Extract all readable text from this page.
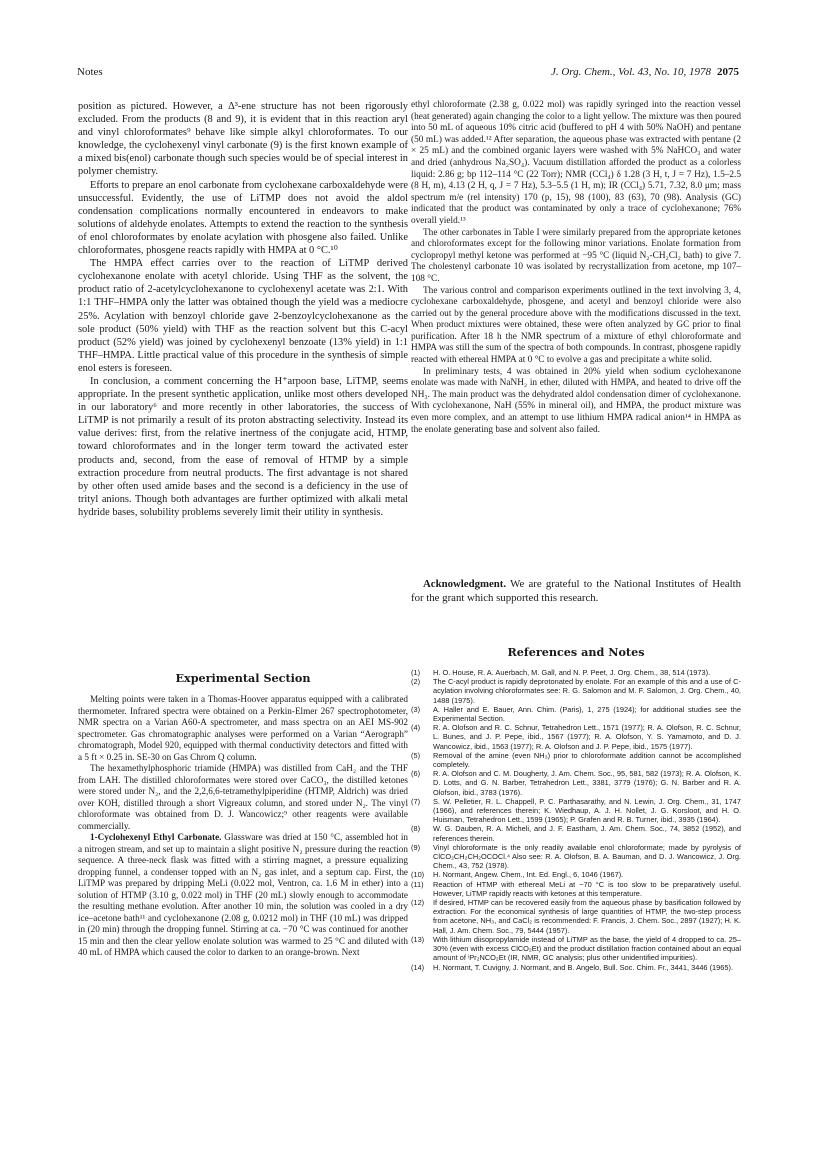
Notes	J. Org. Chem., Vol. 43, No. 10, 1978 2075

position as pictured. However, a Δ³-ene structure has not been rigorously excluded. From the products (8 and 9), it is evident that in this reaction aryl and vinyl chloroformates⁹ behave like simple alkyl chloroformates. To our knowledge, the cyclohexenyl vinyl carbonate (9) is the first known example of a mixed bis(enol) carbonate though such species would be of special interest in polymer chemistry.

Efforts to prepare an enol carbonate from cyclohexane carboxaldehyde were unsuccessful. Evidently, the use of LiTMP does not avoid the aldol condensation complications normally encountered in endeavors to make solutions of aldehyde enolates. Attempts to extend the reaction to the synthesis of enol chloroformates by enolate acylation with phosgene also failed. Unlike chloroformates, phosgene reacts rapidly with HMPA at 0 °C.¹⁰

The HMPA effect carries over to the reaction of LiTMP derived cyclohexanone enolate with acetyl chloride. Using THF as the solvent, the product ratio of 2-acetylcyclohexanone to cyclohexenyl acetate was 2:1. With 1:1 THF–HMPA only the latter was obtained though the yield was a mediocre 25%. Acylation with benzoyl chloride gave 2-benzoylcyclohexanone as the sole product (50% yield) with THF as the reaction solvent but this C-acyl product (52% yield) was joined by cyclohexenyl benzoate (13% yield) in 1:1 THF–HMPA. Little practical value of this procedure in the synthesis of simple enol esters is foreseen.

In conclusion, a comment concerning the H⁺arpoon base, LiTMP, seems appropriate. In the present synthetic application, unlike most others developed in our laboratory⁶ and more recently in other laboratories, the success of LiTMP is not primarily a result of its proton abstracting selectivity. Instead its value derives: first, from the relative inertness of the conjugate acid, HTMP, toward chloroformates and in the longer term toward the activated ester products and, second, from the ease of removal of HTMP by a simple extraction procedure from neutral products. The first advantage is not shared by other often used amide bases and the second is a deficiency in the use of trityl anions. Though both advantages are further optimized with alkali metal hydride bases, solubility problems severely limit their utility in synthesis.

Experimental Section

Melting points were taken in a Thomas-Hoover apparatus equipped with a calibrated thermometer. Infrared spectra were obtained on a Perkin-Elmer 267 spectrophotometer, NMR spectra on a Varian A60-A spectrometer, and mass spectra on an AEI MS-902 spectrometer. Gas chromatographic analyses were performed on a Varian “Aerograph” chromatograph, Model 920, equipped with thermal conductivity detectors and fitted with a 5 ft × 0.25 in. SE-30 on Gas Chrom Q column.

The hexamethylphosphoric triamide (HMPA) was distilled from CaH₂ and the THF from LAH. The distilled chloroformates were stored over CaCO₃, the distilled ketones were stored under N₂, and the 2,2,6,6-tetramethylpiperidine (HTMP, Aldrich) was dried over KOH, distilled through a short Vigreaux column, and stored under N₂. The vinyl chloroformate was obtained from D. J. Wancowicz;⁹ other reagents were available commercially.

1-Cyclohexenyl Ethyl Carbonate. Glassware was dried at 150 °C, assembled hot in a nitrogen stream, and set up to maintain a slight positive N₂ pressure during the reaction sequence. A three-neck flask was fitted with a stirring magnet, a pressure equalizing dropping funnel, a condenser topped with an N₂ gas inlet, and a septum cap. First, the LiTMP was prepared by dripping MeLi (0.022 mol, Ventron, ca. 1.6 M in ether) into a solution of HTMP (3.10 g, 0.022 mol) in THF (20 mL) slowly enough to accommodate the resulting methane evolution. After another 10 min, the solution was cooled in a dry ice–acetone bath¹¹ and cyclohexanone (2.08 g, 0.0212 mol) in THF (10 mL) was dripped in (20 min) through the dropping funnel. Stirring at ca. −70 °C was continued for another 15 min and then the clear yellow enolate solution was warmed to 25 °C and diluted with 40 mL of HMPA which caused the color to darken to an orange-brown. Next

ethyl chloroformate (2.38 g, 0.022 mol) was rapidly syringed into the reaction vessel (heat generated) again changing the color to a light yellow. The mixture was then poured into 50 mL of aqueous 10% citric acid (buffered to pH 4 with 50% NaOH) and pentane (50 mL) was added.¹² After separation, the aqueous phase was extracted with pentane (2 × 25 mL) and the combined organic layers were washed with 5% NaHCO₃ and water and dried (anhydrous Na₂SO₄). Vacuum distillation afforded the product as a colorless liquid: 2.86 g; bp 112–114 °C (22 Torr); NMR (CCl₄) δ 1.28 (3 H, t, J = 7 Hz), 1.5–2.5 (8 H, m), 4.13 (2 H, q, J = 7 Hz), 5.3–5.5 (1 H, m); IR (CCl₄) 5.71, 7.32, 8.0 μm; mass spectrum m/e (rel intensity) 170 (p, 15), 98 (100), 83 (63), 70 (98). Analysis (GC) indicated that the product was contaminated by only a trace of cyclohexanone; 76% overall yield.¹³

The other carbonates in Table I were similarly prepared from the appropriate ketones and chloroformates except for the following minor variations. Enolate formation from cyclopropyl methyl ketone was performed at −95 °C (liquid N₂-CH₂Cl₂ bath) to give 7. The cholestenyl carbonate 10 was isolated by recrystallization from acetone, mp 107–108 °C.

The various control and comparison experiments outlined in the text involving 3, 4, cyclohexane carboxaldehyde, phosgene, and acetyl and benzoyl chloride were also carried out by the general procedure above with the modifications discussed in the text. When product mixtures were obtained, these were often analyzed by GC prior to final purification. After 18 h the NMR spectrum of a mixture of ethyl chloroformate and HMPA was still the sum of the spectra of both compounds. In contrast, phosgene rapidly reacted with ethereal HMPA at 0 °C to evolve a gas and precipitate a white solid.

In preliminary tests, 4 was obtained in 20% yield when sodium cyclohexanone enolate was made with NaNH₂ in ether, diluted with HMPA, and heated to drive off the NH₃. The main product was the dehydrated aldol condensation dimer of cyclohexanone. With cyclohexanone, NaH (55% in mineral oil), and HMPA, the product mixture was even more complex, and an attempt to use lithium HMPA radical anion¹⁴ in HMPA as the enolate generating base and solvent also failed.

Acknowledgment. We are grateful to the National Institutes of Health for the grant which supported this research.

References and Notes

(1) H. O. House, R. A. Auerbach, M. Gall, and N. P. Peet, J. Org. Chem., 38, 514 (1973).
(2) The C-acyl product is rapidly deprotonated by enolate. For an example of this and a use of C-acylation involving chloroformates see: R. G. Salomon and M. F. Salomon, J. Org. Chem., 40, 1488 (1975).
(3) A. Haller and E. Bauer, Ann. Chim. (Paris), 1, 275 (1924); for additional studies see the Experimental Section.
(4) R. A. Olofson and R. C. Schnur, Tetrahedron Lett., 1571 (1977); R. A. Olofson, R. C. Schnur, L. Bunes, and J. P. Pepe, ibid., 1567 (1977); R. A. Olofson, Y. S. Yamamoto, and D. J. Wancowicz, ibid., 1563 (1977); R. A. Olofson and J. P. Pepe, ibid., 1575 (1977).
(5) Removal of the amine (even NH₃) prior to chloroformate addition cannot be accomplished completely.
(6) R. A. Olofson and C. M. Dougherty, J. Am. Chem. Soc., 95, 581, 582 (1973); R. A. Olofson, K. D. Lotts, and G. N. Barber, Tetrahedron Lett., 3381, 3779 (1976); G. N. Barber and R. A. Olofson, ibid., 3783 (1976).
(7) S. W. Pelletier, R. L. Chappell, P. C. Parthasarathy, and N. Lewin, J. Org. Chem., 31, 1747 (1966), and references therein; K. Wiedhaup, A. J. H. Nollet, J. G. Korsloot, and H. O. Huisman, Tetrahedron Lett., 1599 (1965); P. Grafen and R. B. Turner, ibid., 3935 (1964).
(8) W. G. Dauben, R. A. Micheli, and J. F. Eastham, J. Am. Chem. Soc., 74, 3852 (1952), and references therein.
(9) Vinyl chloroformate is the only readily available enol chloroformate; made by pyrolysis of ClCO₂CH₂CH₂OCOCl.⁴ Also see: R. A. Olofson, B. A. Bauman, and D. J. Wancowicz, J. Org. Chem., 43, 752 (1978).
(10) H. Normant, Angew. Chem., Int. Ed. Engl., 6, 1046 (1967).
(11) Reaction of HTMP with ethereal MeLi at −70 °C is too slow to be preparatively useful. However, LiTMP rapidly reacts with ketones at this temperature.
(12) If desired, HTMP can be recovered easily from the aqueous phase by basification followed by extraction. For the economical synthesis of large quantities of HTMP, the two-step process from acetone, NH₃, and CaCl₂ is recommended: F. Francis, J. Chem. Soc., 2897 (1927); H. K. Hall, J. Am. Chem. Soc., 79, 5444 (1957).
(13) With lithium diisopropylamide instead of LiTMP as the base, the yield of 4 dropped to ca. 25–30% (even with excess ClCO₂Et) and the product distillation fraction contained about an equal amount of ⁱPr₂NCO₂Et (IR, NMR, GC analysis; plus other unidentified impurities).
(14) H. Normant, T. Cuvigny, J. Normant, and B. Angelo, Bull. Soc. Chim. Fr., 3441, 3446 (1965).
